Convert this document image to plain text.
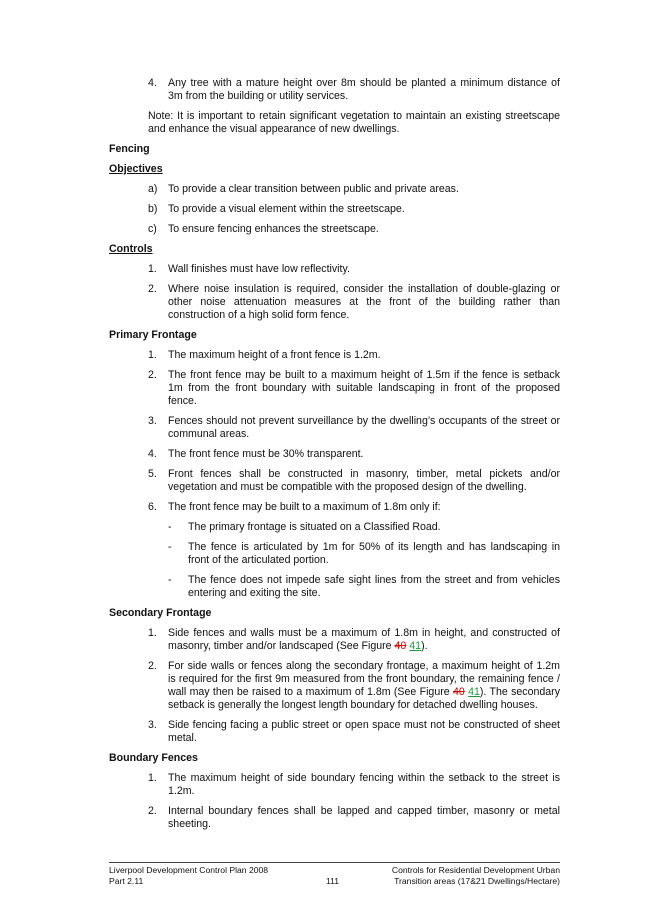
4. Any tree with a mature height over 8m should be planted a minimum distance of 3m from the building or utility services.
Note: It is important to retain significant vegetation to maintain an existing streetscape and enhance the visual appearance of new dwellings.
Fencing
Objectives
a) To provide a clear transition between public and private areas.
b) To provide a visual element within the streetscape.
c) To ensure fencing enhances the streetscape.
Controls
1. Wall finishes must have low reflectivity.
2. Where noise insulation is required, consider the installation of double-glazing or other noise attenuation measures at the front of the building rather than construction of a high solid form fence.
Primary Frontage
1. The maximum height of a front fence is 1.2m.
2. The front fence may be built to a maximum height of 1.5m if the fence is setback 1m from the front boundary with suitable landscaping in front of the proposed fence.
3. Fences should not prevent surveillance by the dwelling’s occupants of the street or communal areas.
4. The front fence must be 30% transparent.
5. Front fences shall be constructed in masonry, timber, metal pickets and/or vegetation and must be compatible with the proposed design of the dwelling.
6. The front fence may be built to a maximum of 1.8m only if:
- The primary frontage is situated on a Classified Road.
- The fence is articulated by 1m for 50% of its length and has landscaping in front of the articulated portion.
- The fence does not impede safe sight lines from the street and from vehicles entering and exiting the site.
Secondary Frontage
1. Side fences and walls must be a maximum of 1.8m in height, and constructed of masonry, timber and/or landscaped (See Figure 40 41).
2. For side walls or fences along the secondary frontage, a maximum height of 1.2m is required for the first 9m measured from the front boundary, the remaining fence / wall may then be raised to a maximum of 1.8m (See Figure 40 41). The secondary setback is generally the longest length boundary for detached dwelling houses.
3. Side fencing facing a public street or open space must not be constructed of sheet metal.
Boundary Fences
1. The maximum height of side boundary fencing within the setback to the street is 1.2m.
2. Internal boundary fences shall be lapped and capped timber, masonry or metal sheeting.
Liverpool Development Control Plan 2008
Part 2.11	111
Controls for Residential Development Urban
Transition areas (17&21 Dwellings/Hectare)
